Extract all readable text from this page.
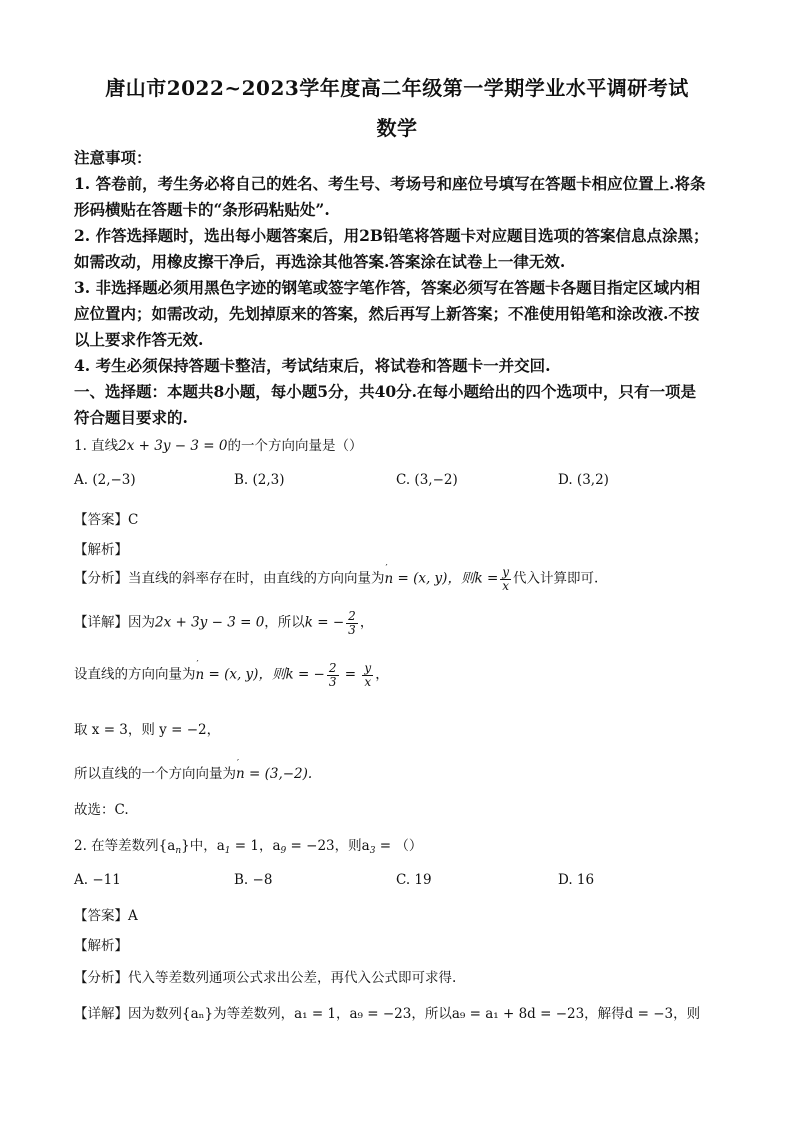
唐山市2022~2023学年度高二年级第一学期学业水平调研考试
数学
注意事项：
1. 答卷前，考生务必将自己的姓名、考生号、考场号和座位号填写在答题卡相应位置上.将条
形码横贴在答题卡的“条形码粘贴处”.
2. 作答选择题时，选出每小题答案后，用2B铅笔将答题卡对应题目选项的答案信息点涂黑；
如需改动，用橡皮擦干净后，再选涂其他答案.答案涂在试卷上一律无效.
3. 非选择题必须用黑色字迹的钢笔或签字笔作答，答案必须写在答题卡各题目指定区域内相
应位置内；如需改动，先划掉原来的答案，然后再写上新答案；不准使用铅笔和涂改液.不按
以上要求作答无效.
4. 考生必须保持答题卡整洁，考试结束后，将试卷和答题卡一并交回.
一、选择题：本题共8小题，每小题5分，共40分.在每小题给出的四个选项中，只有一项是
符合题目要求的.
1. 直线2x + 3y − 3 = 0的一个方向向量是（）
A. (2,−3)	B. (2,3)	C. (3,−2)	D. (3,2)
【答案】C
【解析】
【分析】当直线的斜率存在时，由直线的方向向量为′ n = (x, y)，则$k = \frac{y}{x}$ 代入计算即可.
【详解】因为2x + 3y − 3 = 0，所以k = − $\frac{2}{3}$ ，
设直线的方向向量为′ n = (x, y)，则k = − $\frac{2}{3} = \frac{y}{x}$ ，
取 x = 3，则 y = −2，
所以直线的一个方向向量为′ n = (3,−2).
故选：C.
2. 在等差数列$\{a_n\}$中，$a_1 = 1$，$a_9 = -23$，则$a_3$ = （）
A. −11	B. −8	C. 19	D. 16
【答案】A
【解析】
【分析】代入等差数列通项公式求出公差，再代入公式即可求得.
【详解】因为数列{aₙ}为等差数列，a₁ = 1，a₉ = −23，所以a₉ = a₁ + 8d = −23，解得d = −3，则
